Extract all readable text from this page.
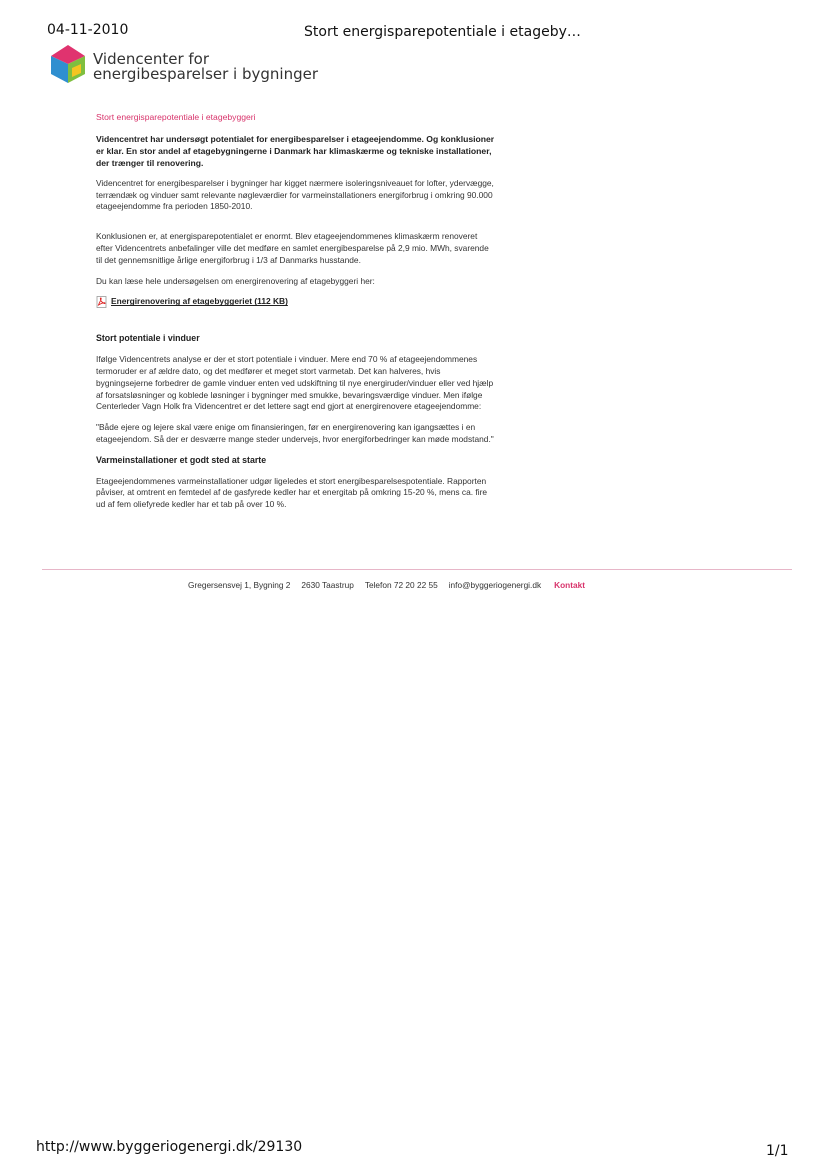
04-11-2010	Stort energisparepotentiale i etageby…
Videncenter for
energibesparelser i bygninger

Stort energisparepotentiale i etagebyggeri

Videncentret har undersøgt potentialet for energibesparelser i etageejendomme. Og konklusioner er klar. En stor andel af etagebygningerne i Danmark har klimaskærme og tekniske installationer, der trænger til renovering.

Videncentret for energibesparelser i bygninger har kigget nærmere isoleringsniveauet for lofter, ydervægge, terrændæk og vinduer samt relevante nøgleværdier for varmeinstallationers energiforbrug i omkring 90.000 etageejendomme fra perioden 1850-2010.

Konklusionen er, at energisparepotentialet er enormt. Blev etageejendommenes klimaskærm renoveret efter Videncentrets anbefalinger ville det medføre en samlet energibesparelse på 2,9 mio. MWh, svarende til det gennemsnitlige årlige energiforbrug i 1/3 af Danmarks husstande.

Du kan læse hele undersøgelsen om energirenovering af etagebyggeri her:

Energirenovering af etagebyggeriet (112 KB)

Stort potentiale i vinduer

Ifølge Videncentrets analyse er der et stort potentiale i vinduer. Mere end 70 % af etageejendommenes termoruder er af ældre dato, og det medfører et meget stort varmetab. Det kan halveres, hvis bygningsejerne forbedrer de gamle vinduer enten ved udskiftning til nye energiruder/vinduer eller ved hjælp af forsatsløsninger og koblede løsninger i bygninger med smukke, bevaringsværdige vinduer. Men ifølge Centerleder Vagn Holk fra Videncentret er det lettere sagt end gjort at energirenovere etageejendomme:

"Både ejere og lejere skal være enige om finansieringen, før en energirenovering kan igangsættes i en etageejendom. Så der er desværre mange steder undervejs, hvor energiforbedringer kan møde modstand."

Varmeinstallationer et godt sted at starte

Etageejendommenes varmeinstallationer udgør ligeledes et stort energibesparelsespotentiale. Rapporten påviser, at omtrent en femtedel af de gasfyrede kedler har et energitab på omkring 15-20 %, mens ca. fire ud af fem oliefyrede kedler har et tab på over 10 %.

Gregersensvej 1, Bygning 2 2630 Taastrup Telefon 72 20 22 55 info@byggeriogenergi.dk Kontakt
http://www.byggeriogenergi.dk/29130	1/1
